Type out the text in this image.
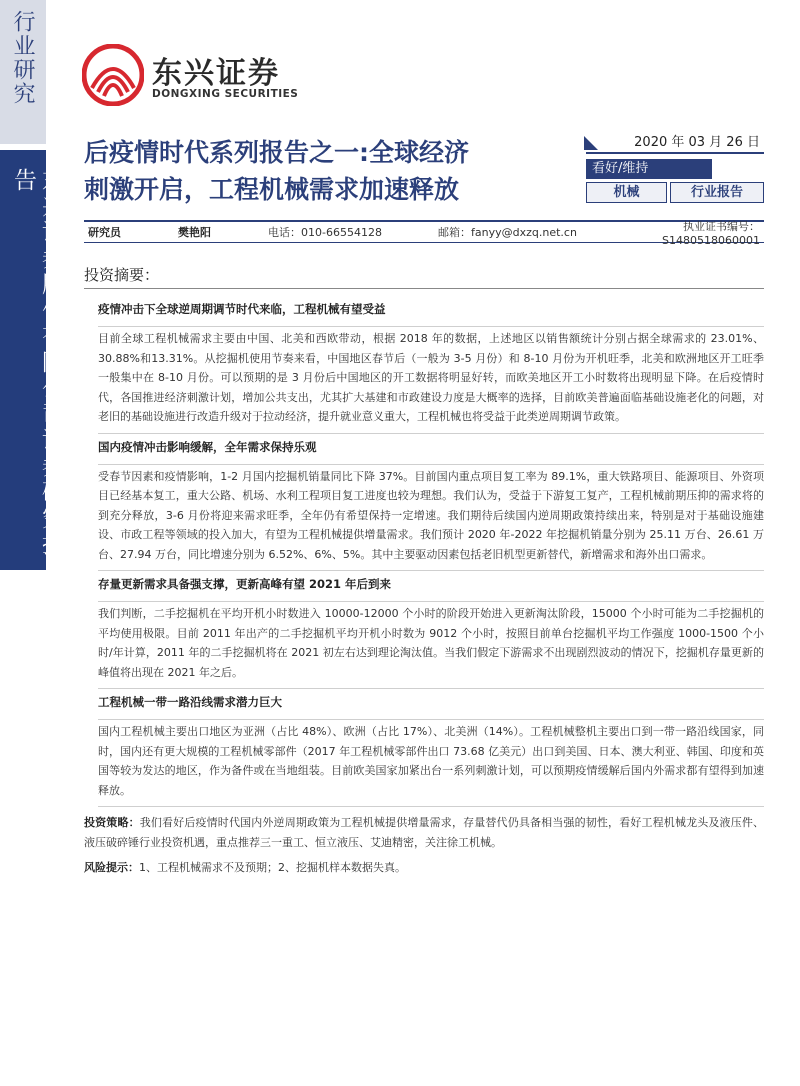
行业研究
东兴证券股份有限公司证券研究报告
东兴证券
DONGXING SECURITIES
后疫情时代系列报告之一:全球经济
刺激开启，工程机械需求加速释放
2020 年 03 月 26 日
看好/维持
机械	行业报告
研究员	樊艳阳	电话：010-66554128	邮箱：fanyy@dxzq.net.cn	执业证书编号：S1480518060001
投资摘要：
疫情冲击下全球逆周期调节时代来临，工程机械有望受益
目前全球工程机械需求主要由中国、北美和西欧带动，根据 2018 年的数据，上述地区以销售额统计分别占据全球需求的 23.01%、30.88%和13.31%。从挖掘机使用节奏来看，中国地区春节后（一般为 3-5 月份）和 8-10 月份为开机旺季，北美和欧洲地区开工旺季一般集中在 8-10 月份。可以预期的是 3 月份后中国地区的开工数据将明显好转，而欧美地区开工小时数将出现明显下降。在后疫情时代，各国推进经济刺激计划，增加公共支出，尤其扩大基建和市政建设力度是大概率的选择，目前欧美普遍面临基础设施老化的问题，对老旧的基础设施进行改造升级对于拉动经济，提升就业意义重大，工程机械也将受益于此类逆周期调节政策。
国内疫情冲击影响缓解，全年需求保持乐观
受春节因素和疫情影响，1-2 月国内挖掘机销量同比下降 37%。目前国内重点项目复工率为 89.1%，重大铁路项目、能源项目、外资项目已经基本复工，重大公路、机场、水利工程项目复工进度也较为理想。我们认为，受益于下游复工复产，工程机械前期压抑的需求将的到充分释放，3-6 月份将迎来需求旺季，全年仍有希望保持一定增速。我们期待后续国内逆周期政策持续出来，特别是对于基础设施建设、市政工程等领域的投入加大，有望为工程机械提供增量需求。我们预计 2020 年-2022 年挖掘机销量分别为 25.11 万台、26.61 万台、27.94 万台，同比增速分别为 6.52%、6%、5%。其中主要驱动因素包括老旧机型更新替代，新增需求和海外出口需求。
存量更新需求具备强支撑，更新高峰有望 2021 年后到来
我们判断，二手挖掘机在平均开机小时数进入 10000-12000 个小时的阶段开始进入更新淘汰阶段，15000 个小时可能为二手挖掘机的平均使用极限。目前 2011 年出产的二手挖掘机平均开机小时数为 9012 个小时，按照目前单台挖掘机平均工作强度 1000-1500 个小时/年计算，2011 年的二手挖掘机将在 2021 初左右达到理论淘汰值。当我们假定下游需求不出现剧烈波动的情况下，挖掘机存量更新的峰值将出现在 2021 年之后。
工程机械一带一路沿线需求潜力巨大
国内工程机械主要出口地区为亚洲（占比 48%）、欧洲（占比 17%）、北美洲（14%）。工程机械整机主要出口到一带一路沿线国家，同时，国内还有更大规模的工程机械零部件（2017 年工程机械零部件出口 73.68 亿美元）出口到美国、日本、澳大利亚、韩国、印度和英国等较为发达的地区，作为备件或在当地组装。目前欧美国家加紧出台一系列刺激计划，可以预期疫情缓解后国内外需求都有望得到加速释放。
投资策略：我们看好后疫情时代国内外逆周期政策为工程机械提供增量需求，存量替代仍具备相当强的韧性，看好工程机械龙头及液压件、液压破碎锤行业投资机遇，重点推荐三一重工、恒立液压、艾迪精密，关注徐工机械。
风险提示：1、工程机械需求不及预期；2、挖掘机样本数据失真。
